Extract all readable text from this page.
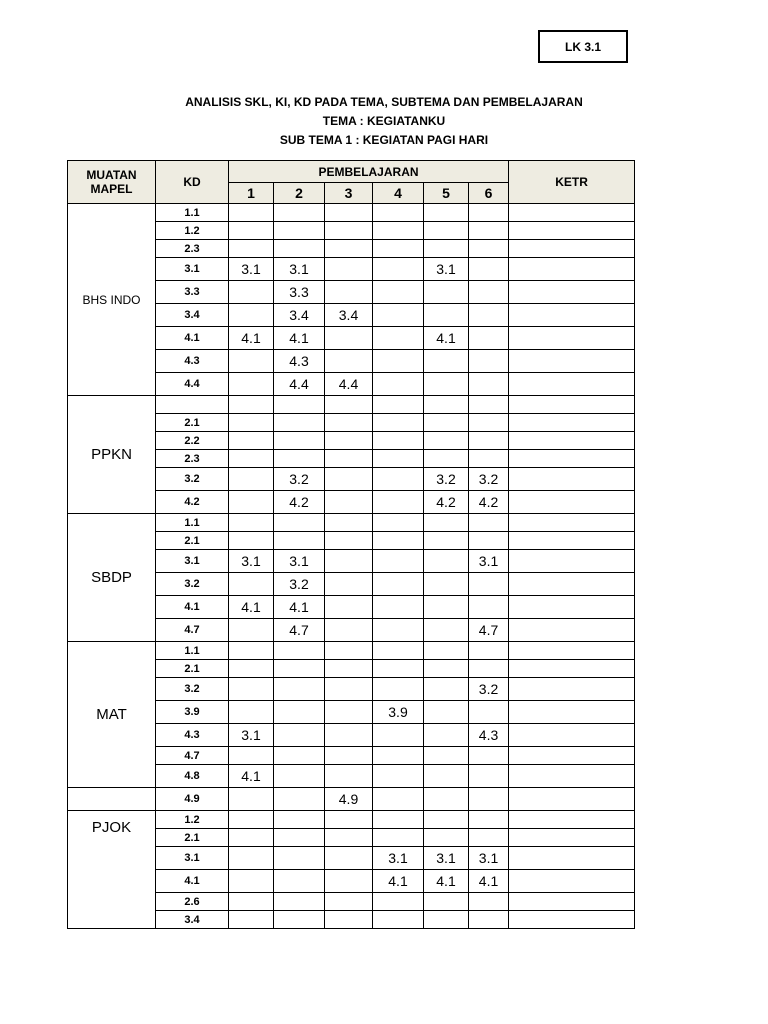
LK 3.1
ANALISIS SKL, KI, KD PADA TEMA, SUBTEMA DAN PEMBELAJARAN
TEMA : KEGIATANKU
SUB TEMA 1 : KEGIATAN PAGI HARI
MUATAN
MAPEL	KD	PEMBELAJARAN						KETR
		1	2	3	4	5	6	
BHS INDO	1.1							
	1.2							
	2.3							
	3.1	3.1	3.1			3.1		
	3.3		3.3					
	3.4		3.4	3.4				
	4.1	4.1	4.1			4.1		
	4.3		4.3					
	4.4		4.4	4.4				
PPKN								
	2.1							
	2.2							
	2.3							
	3.2		3.2			3.2	3.2	
	4.2		4.2			4.2	4.2	
SBDP	1.1							
	2.1							
	3.1	3.1	3.1				3.1	
	3.2		3.2					
	4.1	4.1	4.1					
	4.7		4.7				4.7	
MAT	1.1							
	2.1							
	3.2						3.2	
	3.9				3.9			
	4.3	3.1					4.3	
	4.7							
	4.8	4.1						
	4.9			4.9				
PJOK	1.2							
	2.1							
	3.1				3.1	3.1	3.1	
	4.1				4.1	4.1	4.1	
	2.6							
	3.4							
